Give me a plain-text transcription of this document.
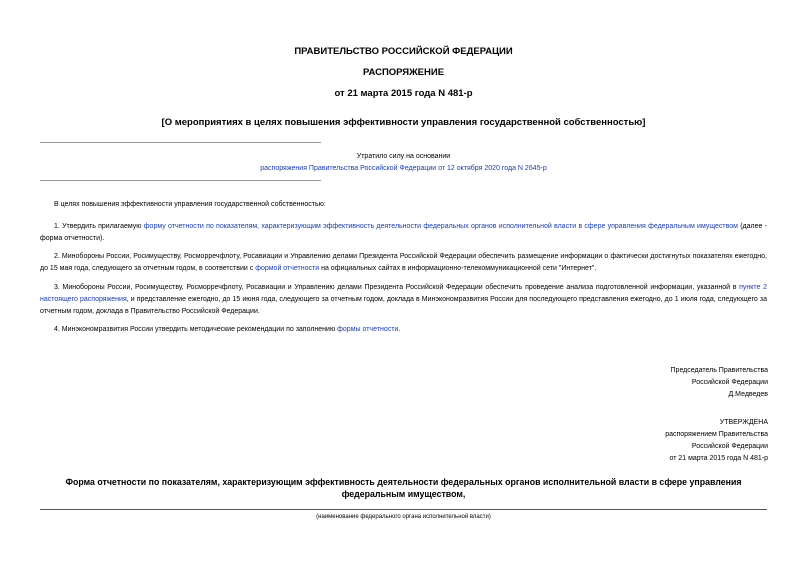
ПРАВИТЕЛЬСТВО РОССИЙСКОЙ ФЕДЕРАЦИИ
РАСПОРЯЖЕНИЕ
от 21 марта 2015 года N 481-р
[О мероприятиях в целях повышения эффективности управления государственной собственностью]
Утратило силу на основании
распоряжения Правительства Российской Федерации от 12 октября 2020 года N 2645-р
В целях повышения эффективности управления государственной собственностью:
1. Утвердить прилагаемую форму отчетности по показателям, характеризующим эффективность деятельности федеральных органов исполнительной власти в сфере управления федеральным имуществом (далее - форма отчетности).
2. Минобороны России, Росимуществу, Росморречфлоту, Росавиации и Управлению делами Президента Российской Федерации обеспечить размещение информации о фактически достигнутых показателях ежегодно, до 15 мая года, следующего за отчетным годом, в соответствии с формой отчетности на официальных сайтах в информационно-телекоммуникационной сети "Интернет".
3. Минобороны России, Росимуществу, Росморречфлоту, Росавиации и Управлению делами Президента Российской Федерации обеспечить проведение анализа подготовленной информации, указанной в пункте 2 настоящего распоряжения, и представление ежегодно, до 15 июня года, следующего за отчетным годом, доклада в Минэкономразвития России для последующего представления ежегодно, до 1 июля года, следующего за отчетным годом, доклада в Правительство Российской Федерации.
4. Минэкономразвития России утвердить методические рекомендации по заполнению формы отчетности.
Председатель Правительства
Российской Федерации
Д.Медведев
УТВЕРЖДЕНА
распоряжением Правительства
Российской Федерации
от 21 марта 2015 года N 481-р
Форма отчетности по показателям, характеризующим эффективность деятельности федеральных органов исполнительной власти в сфере управления
федеральным имуществом,
(наименование федерального органа исполнительной власти)
